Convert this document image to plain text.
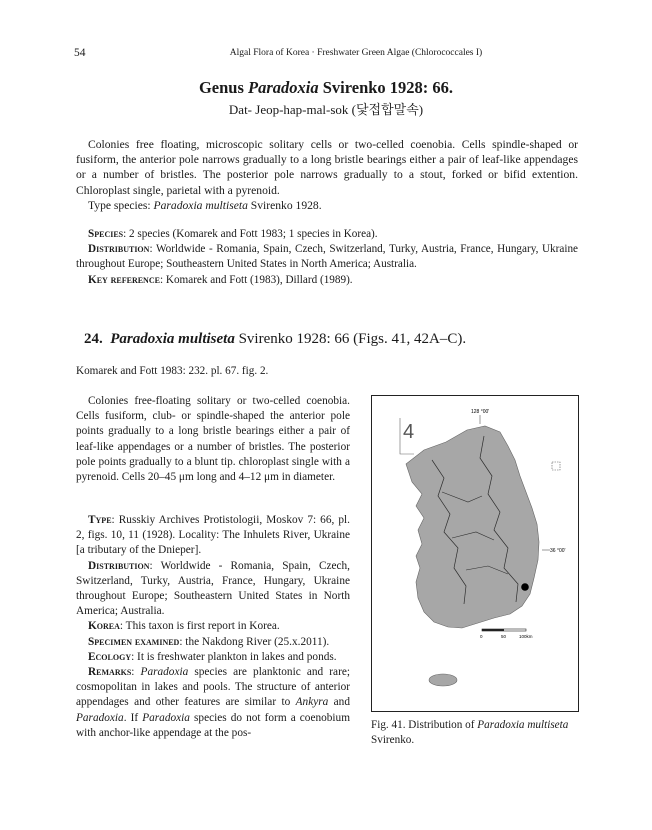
54	Algal Flora of Korea · Freshwater Green Algae (Chlorococcales I)
Genus Paradoxia Svirenko 1928: 66.
Dat- Jeop-hap-mal-sok (닻접합말속)
Colonies free floating, microscopic solitary cells or two-celled coenobia. Cells spindle-shaped or fusiform, the anterior pole narrows gradually to a long bristle bearings either a pair of leaf-like appendages or a number of bristles. The posterior pole narrows gradually to a stout, forked or bifid extention. Chloroplast single, parietal with a pyrenoid.
Type species: Paradoxia multiseta Svirenko 1928.
Species: 2 species (Komarek and Fott 1983; 1 species in Korea).
Distribution: Worldwide - Romania, Spain, Czech, Switzerland, Turky, Austria, France, Hungary, Ukraine throughout Europe; Southeastern United States in North America; Australia.
Key reference: Komarek and Fott (1983), Dillard (1989).
24. Paradoxia multiseta Svirenko 1928: 66 (Figs. 41, 42A–C).
Komarek and Fott 1983: 232. pl. 67. fig. 2.
Colonies free-floating solitary or two-celled coenobia. Cells fusiform, club- or spindle-shaped the anterior pole points gradually to a long bristle bearings either a pair of leaf-like appendages or a number of bristles. The posterior pole points gradually to a blunt tip. chloroplast single with a pyrenoid. Cells 20–45 μm long and 4–12 μm in diameter.
Type: Russkiy Archives Protistologii, Moskov 7: 66, pl. 2, figs. 10, 11 (1928). Locality: The Inhulets River, Ukraine [a tributary of the Dnieper].
Distribution: Worldwide - Romania, Spain, Czech, Switzerland, Turky, Austria, France, Hungary, Ukraine throughout Europe; Southeastern United States in North America; Australia.
Korea: This taxon is first report in Korea.
Specimen examined: the Nakdong River (25.x.2011).
Ecology: It is freshwater plankton in lakes and ponds.
Remarks: Paradoxia species are planktonic and rare; cosmopolitan in lakes and pools. The structure of anterior appendages and other features are similar to Ankyra and Paradoxia. If Paradoxia species do not form a coenobium with anchor-like appendage at the pos-
128 °00'
36 °00'
4
0	50	100km
Fig. 41. Distribution of Paradoxia multiseta Svirenko.
